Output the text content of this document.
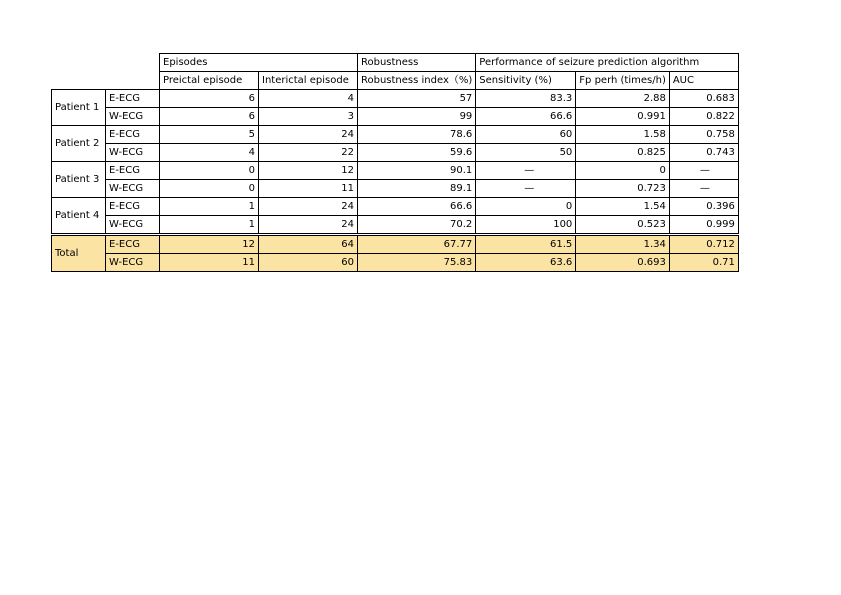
		Episodes		Robustness	Performance of seizure prediction algorithm		
		Preictal episode	Interictal episode	Robustness index（%)	Sensitivity (%)	Fp perh (times/h)	AUC
Patient 1	E-ECG	6	4	57	83.3	2.88	0.683
	W-ECG	6	3	99	66.6	0.991	0.822
Patient 2	E-ECG	5	24	78.6	60	1.58	0.758
	W-ECG	4	22	59.6	50	0.825	0.743
Patient 3	E-ECG	0	12	90.1	—	0	—
	W-ECG	0	11	89.1	—	0.723	—
Patient 4	E-ECG	1	24	66.6	0	1.54	0.396
	W-ECG	1	24	70.2	100	0.523	0.999
Total	E-ECG	12	64	67.77	61.5	1.34	0.712
	W-ECG	11	60	75.83	63.6	0.693	0.71
